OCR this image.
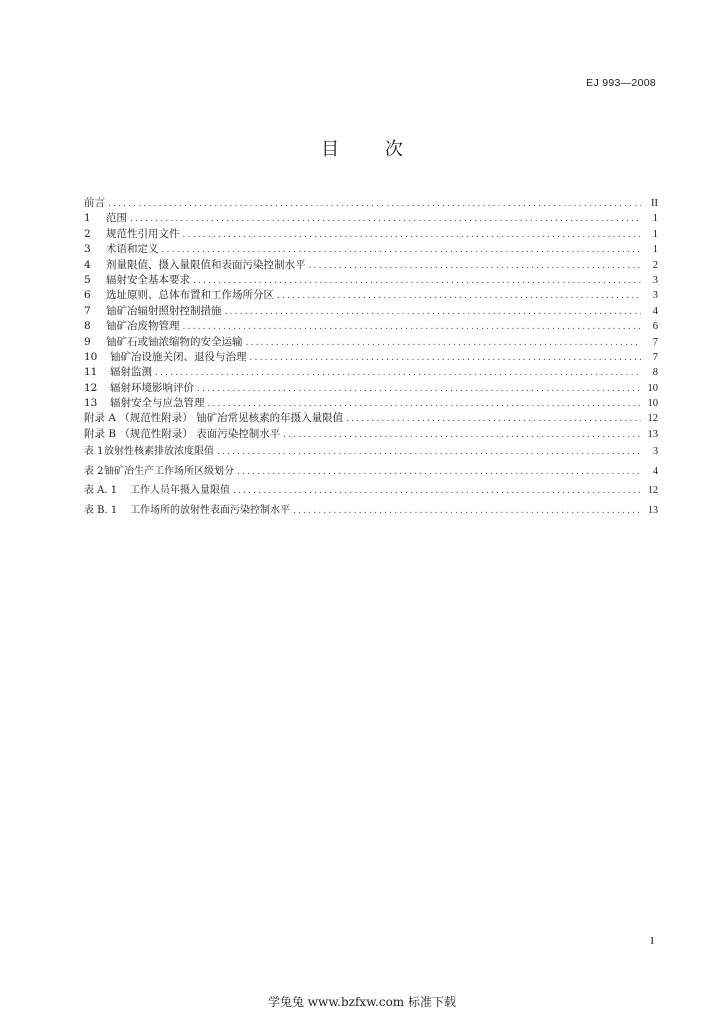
EJ 993—2008
目 次
前言 .....	II
1	范围 .....	1
2	规范性引用文件 .....	1
3	术语和定义 .....	1
4	剂量限值、摄入量限值和表面污染控制水平 .....	2
5	辐射安全基本要求 .....	3
6	选址原则、总体布置和工作场所分区 .....	3
7	铀矿冶辐射照射控制措施 .....	4
8	铀矿冶废物管理 .....	6
9	铀矿石或铀浓缩物的安全运输 .....	7
10	铀矿冶设施关闭、退役与治理 .....	7
11	辐射监测 .....	8
12	辐射环境影响评价 .....	10
13	辐射安全与应急管理 .....	10
附录 A （规范性附录） 铀矿冶常见核素的年摄入量限值 .....	12
附录 B （规范性附录） 表面污染控制水平 .....	13
表 1 放射性核素排放浓度限值 .....	3
表 2 铀矿冶生产工作场所区级划分 .....	4
表 A. 1	工作人员年摄入量限值 .....	12
表 B. 1	工作场所的放射性表面污染控制水平 .....	13
I
学兔兔 www.bzfxw.com 标准下载
